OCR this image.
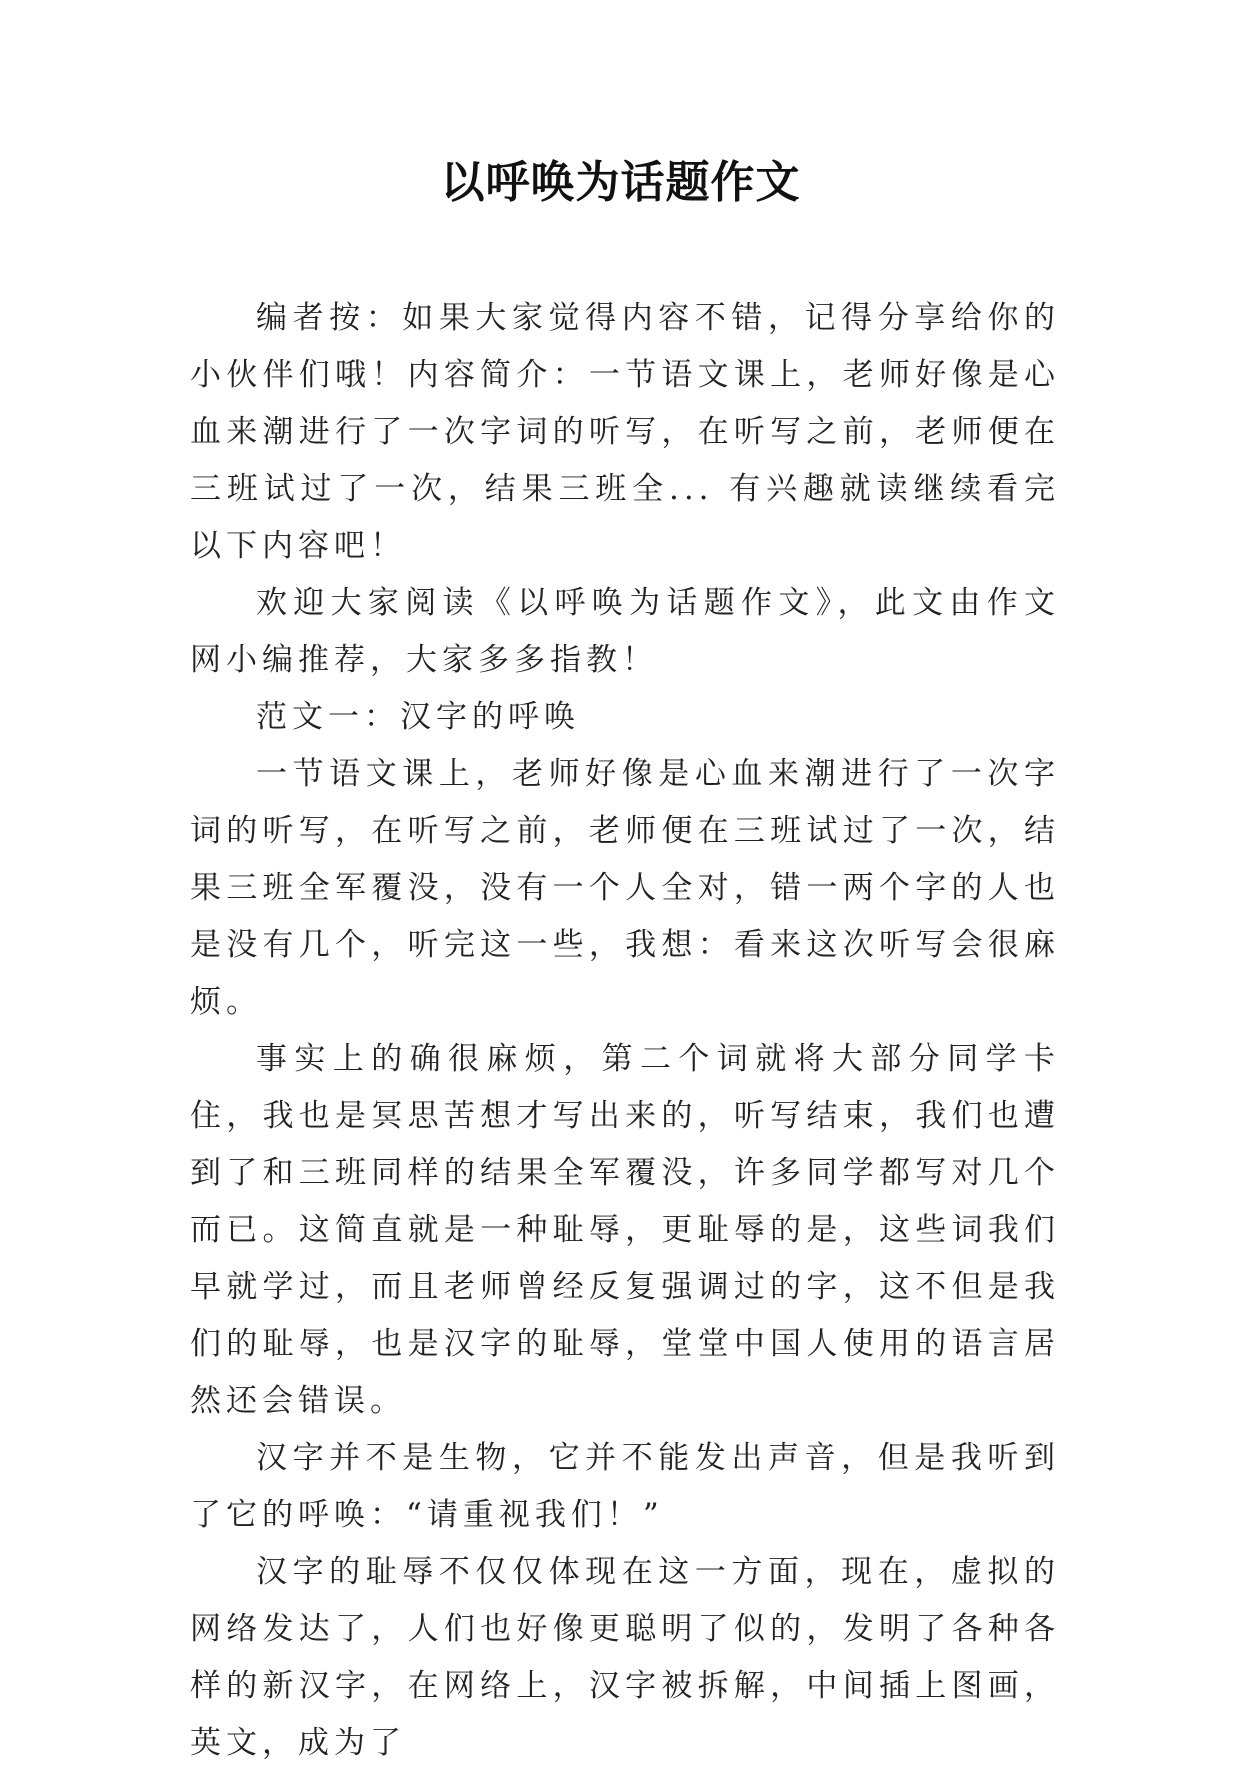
以呼唤为话题作文

编者按：如果大家觉得内容不错，记得分享给你的小伙伴们哦！内容简介：一节语文课上，老师好像是心血来潮进行了一次字词的听写，在听写之前，老师便在三班试过了一次，结果三班全... 有兴趣就读继续看完以下内容吧！

欢迎大家阅读《以呼唤为话题作文》，此文由作文网小编推荐，大家多多指教！

范文一：汉字的呼唤

一节语文课上，老师好像是心血来潮进行了一次字词的听写，在听写之前，老师便在三班试过了一次，结果三班全军覆没，没有一个人全对，错一两个字的人也是没有几个，听完这一些，我想：看来这次听写会很麻烦。

事实上的确很麻烦，第二个词就将大部分同学卡住，我也是冥思苦想才写出来的，听写结束，我们也遭到了和三班同样的结果全军覆没，许多同学都写对几个而已。这简直就是一种耻辱，更耻辱的是，这些词我们早就学过，而且老师曾经反复强调过的字，这不但是我们的耻辱，也是汉字的耻辱，堂堂中国人使用的语言居然还会错误。

汉字并不是生物，它并不能发出声音，但是我听到了它的呼唤：“请重视我们！”

汉字的耻辱不仅仅体现在这一方面，现在，虚拟的网络发达了，人们也好像更聪明了似的，发明了各种各样的新汉字，在网络上，汉字被拆解，中间插上图画，英文，成为了
